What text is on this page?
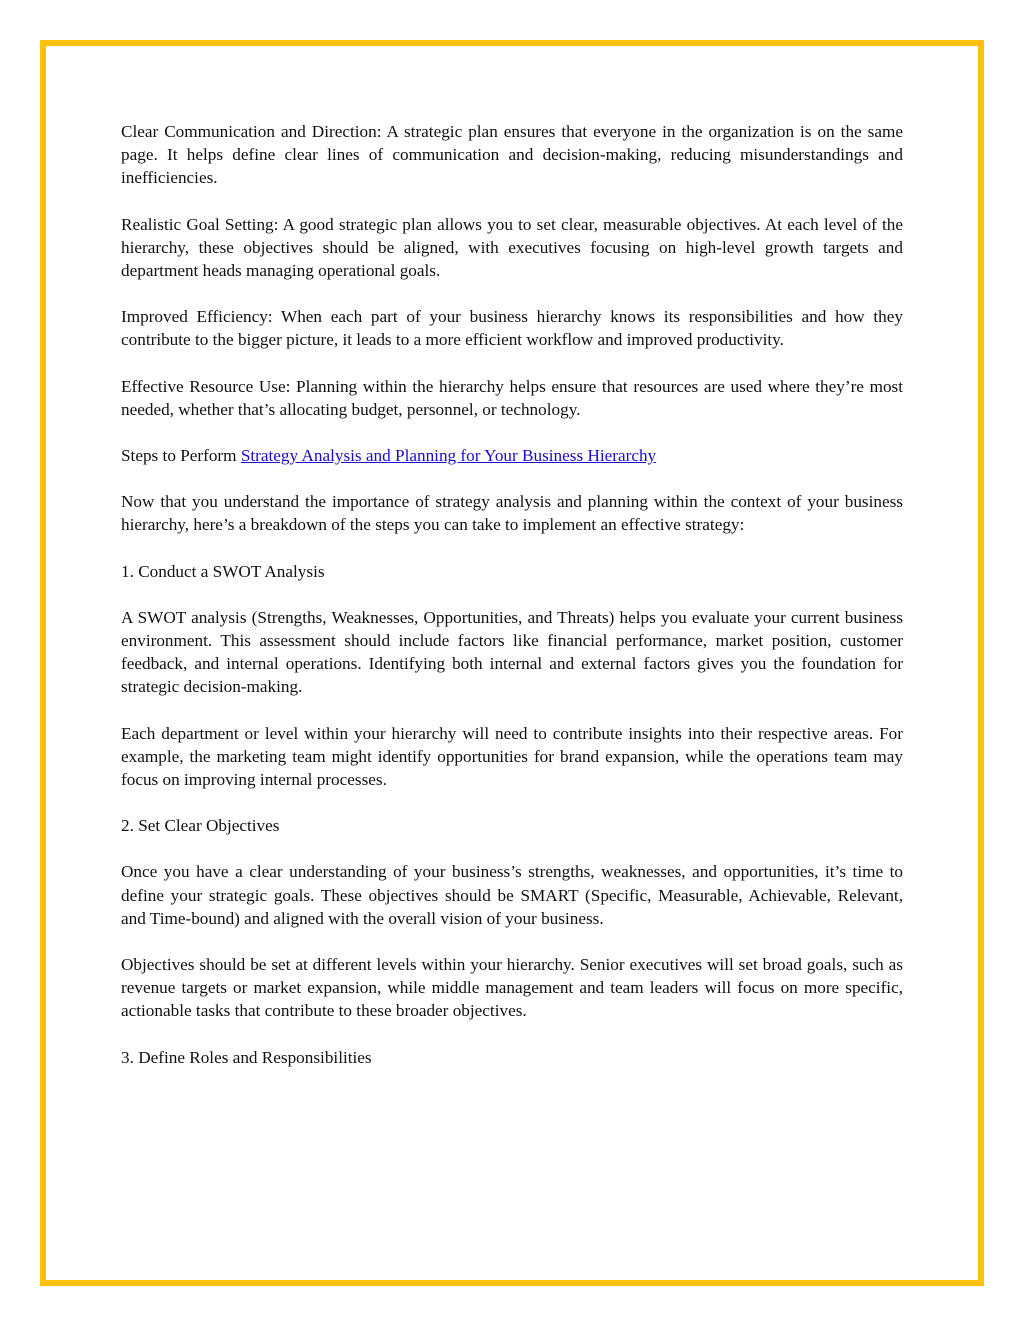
Clear Communication and Direction: A strategic plan ensures that everyone in the organization is on the same page. It helps define clear lines of communication and decision-making, reducing misunderstandings and inefficiencies.

Realistic Goal Setting: A good strategic plan allows you to set clear, measurable objectives. At each level of the hierarchy, these objectives should be aligned, with executives focusing on high-level growth targets and department heads managing operational goals.

Improved Efficiency: When each part of your business hierarchy knows its responsibilities and how they contribute to the bigger picture, it leads to a more efficient workflow and improved productivity.

Effective Resource Use: Planning within the hierarchy helps ensure that resources are used where they’re most needed, whether that’s allocating budget, personnel, or technology.

Steps to Perform Strategy Analysis and Planning for Your Business Hierarchy

Now that you understand the importance of strategy analysis and planning within the context of your business hierarchy, here’s a breakdown of the steps you can take to implement an effective strategy:

1. Conduct a SWOT Analysis

A SWOT analysis (Strengths, Weaknesses, Opportunities, and Threats) helps you evaluate your current business environment. This assessment should include factors like financial performance, market position, customer feedback, and internal operations. Identifying both internal and external factors gives you the foundation for strategic decision-making.

Each department or level within your hierarchy will need to contribute insights into their respective areas. For example, the marketing team might identify opportunities for brand expansion, while the operations team may focus on improving internal processes.

2. Set Clear Objectives

Once you have a clear understanding of your business’s strengths, weaknesses, and opportunities, it’s time to define your strategic goals. These objectives should be SMART (Specific, Measurable, Achievable, Relevant, and Time-bound) and aligned with the overall vision of your business.

Objectives should be set at different levels within your hierarchy. Senior executives will set broad goals, such as revenue targets or market expansion, while middle management and team leaders will focus on more specific, actionable tasks that contribute to these broader objectives.

3. Define Roles and Responsibilities
